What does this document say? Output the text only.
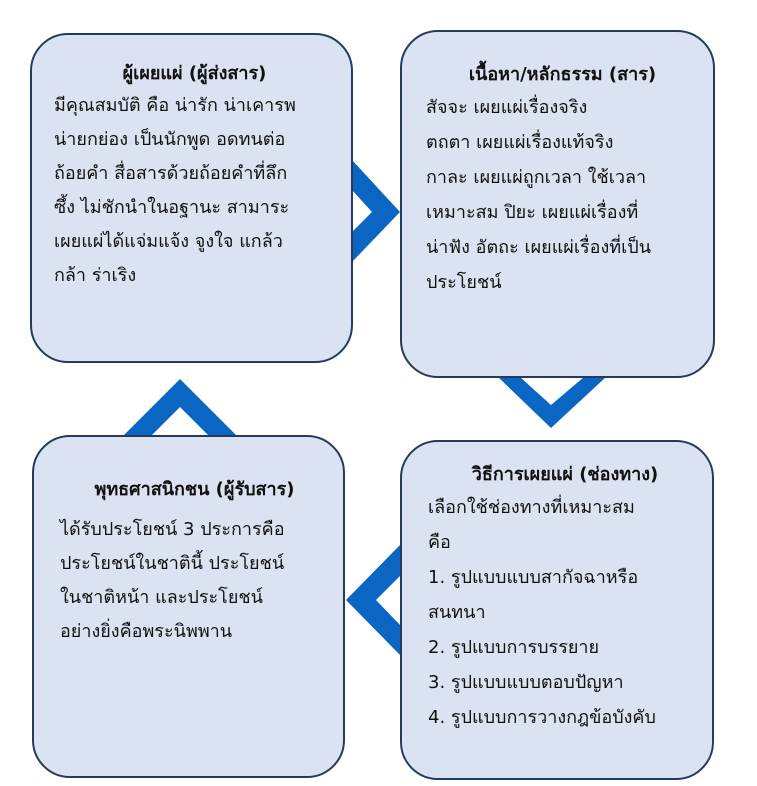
ผู้เผยแผ่ (ผู้ส่งสาร)
มีคุณสมบัติ คือ น่ารัก น่าเคารพ
น่ายกย่อง เป็นนักพูด อดทนต่อ
ถ้อยคำ สื่อสารด้วยถ้อยคำที่ลึก
ซึ้ง ไม่ชักนำในอฐานะ สามาระ
เผยแผ่ได้แจ่มแจ้ง จูงใจ แกล้ว
กล้า ร่าเริง
เนื้อหา/หลักธรรม (สาร)
สัจจะ เผยแผ่เรื่องจริง
ตถตา เผยแผ่เรื่องแท้จริง
กาละ เผยแผ่ถูกเวลา ใช้เวลา
เหมาะสม ปิยะ เผยแผ่เรื่องที่
น่าฟัง อัตถะ เผยแผ่เรื่องที่เป็น
ประโยชน์
พุทธศาสนิกชน (ผู้รับสาร)
ได้รับประโยชน์ 3 ประการคือ
ประโยชน์ในชาตินี้ ประโยชน์
ในชาติหน้า และประโยชน์
อย่างยิ่งคือพระนิพพาน
วิธีการเผยแผ่ (ช่องทาง)
เลือกใช้ช่องทางที่เหมาะสม
คือ
1. รูปแบบแบบสากัจฉาหรือ
สนทนา
2. รูปแบบการบรรยาย
3. รูปแบบแบบตอบปัญหา
4. รูปแบบการวางกฎข้อบังคับ
